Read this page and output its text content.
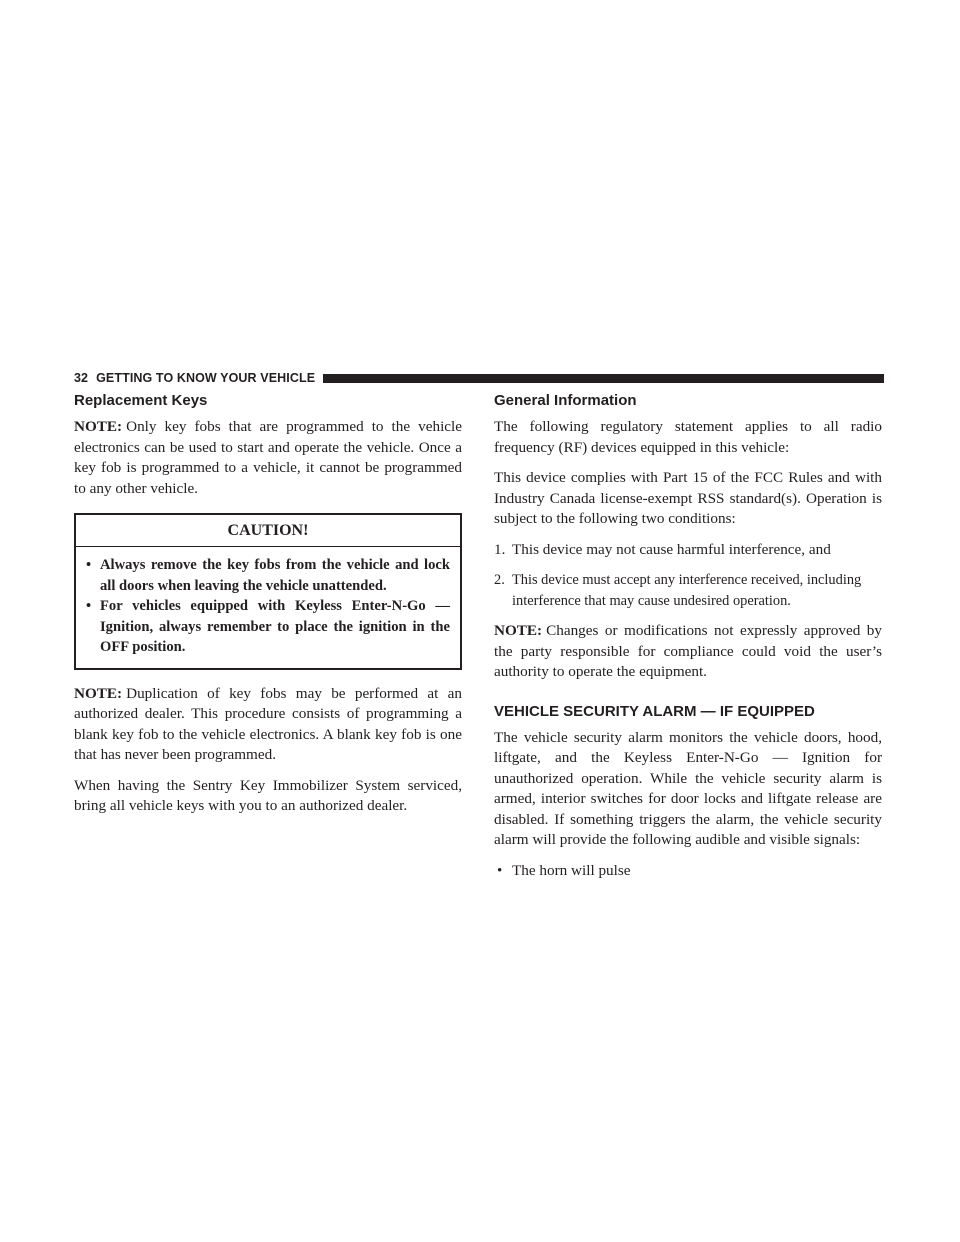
32 GETTING TO KNOW YOUR VEHICLE
Replacement Keys

NOTE: Only key fobs that are programmed to the vehicle electronics can be used to start and operate the vehicle. Once a key fob is programmed to a vehicle, it cannot be programmed to any other vehicle.

CAUTION!
• Always remove the key fobs from the vehicle and lock all doors when leaving the vehicle unattended.
• For vehicles equipped with Keyless Enter-N-Go — Ignition, always remember to place the ignition in the OFF position.

NOTE: Duplication of key fobs may be performed at an authorized dealer. This procedure consists of programming a blank key fob to the vehicle electronics. A blank key fob is one that has never been programmed.

When having the Sentry Key Immobilizer System serviced, bring all vehicle keys with you to an authorized dealer.

General Information

The following regulatory statement applies to all radio frequency (RF) devices equipped in this vehicle:

This device complies with Part 15 of the FCC Rules and with Industry Canada license-exempt RSS standard(s). Operation is subject to the following two conditions:

1. This device may not cause harmful interference, and
2. This device must accept any interference received, including interference that may cause undesired operation.

NOTE: Changes or modifications not expressly approved by the party responsible for compliance could void the user’s authority to operate the equipment.

VEHICLE SECURITY ALARM — IF EQUIPPED

The vehicle security alarm monitors the vehicle doors, hood, liftgate, and the Keyless Enter-N-Go — Ignition for unauthorized operation. While the vehicle security alarm is armed, interior switches for door locks and liftgate release are disabled. If something triggers the alarm, the vehicle security alarm will provide the following audible and visible signals:

• The horn will pulse
